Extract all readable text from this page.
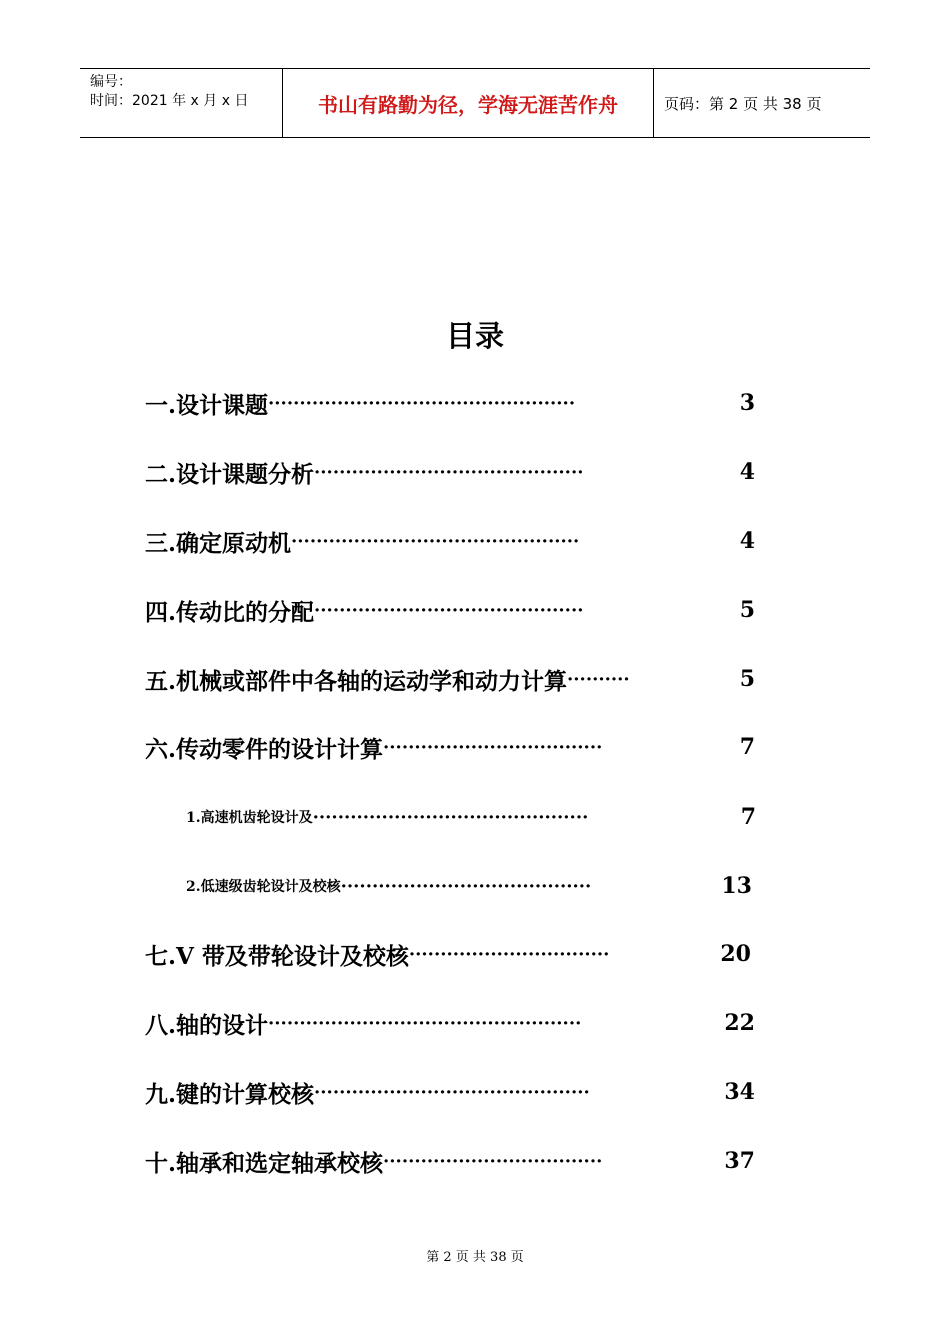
编号：
时间：2021 年 x 月 x 日	书山有路勤为径，学海无涯苦作舟	页码：第 2 页 共 38 页
目录
一.设计课题 ·················································	3
二.设计课题分析 ···········································	4
三.确定原动机 ··············································	4
四.传动比的分配 ···········································	5
五.机械或部件中各轴的运动学和动力计算 ··········	5
六.传动零件的设计计算 ···································	7
1.高速机齿轮设计及 ············································	7
2.低速级齿轮设计及校核 ········································	13
七.V 带及带轮设计及校核 ································	20
八.轴的设计 ··················································	22
九.键的计算校核 ············································	34
十.轴承和选定轴承校核 ···································	37
第 2 页 共 38 页
